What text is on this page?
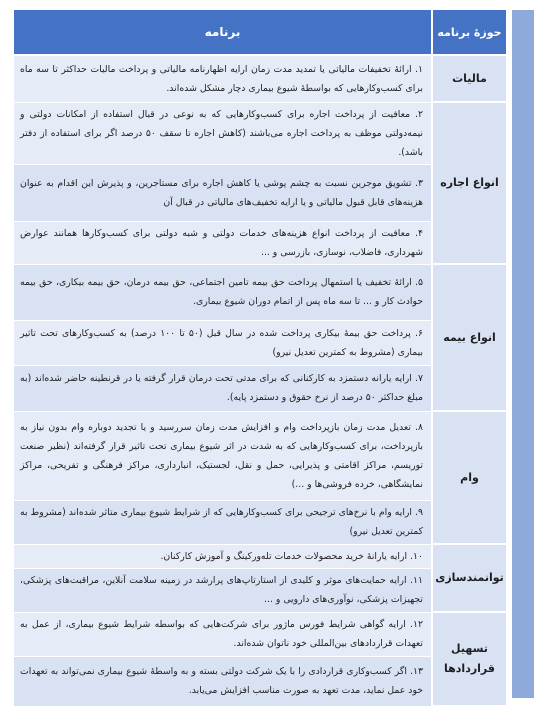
حوزۀ برنامه	برنامه
مالیات	۱. ارائۀ تخفیفات مالیاتی یا تمدید مدت زمان ارایه اظهارنامه مالیاتی و پرداخت مالیات حداکثر تا سه ماه برای کسب‌وکارهایی که بواسطهٔ شیوع بیماری دچار مشکل شده‌اند.
انواع اجاره	۲. معافیت از پرداخت اجاره برای کسب‌وکارهایی که به نوعی در قبال استفاده از امکانات دولتی و نیمه‌دولتی موظف به پرداخت اجاره می‌باشند (کاهش اجاره تا سقف ۵۰ درصد اگر برای استفاده از دفتر باشد).
	۳. تشویق موجرین نسبت به چشم پوشی یا کاهش اجاره برای مستاجرین، و پذیرش این اقدام به عنوان هزینه‌های قابل قبول مالیاتی و یا ارایه تخفیف‌های مالیاتی در قبال آن
	۴. معافیت از پرداخت انواع هزینه‌های خدمات دولتی و شبه دولتی برای کسب‌وکارها همانند عوارض شهرداری، فاضلاب، نوسازی، بازرسی و ...
انواع بیمه	۵. ارائۀ تخفیف یا استمهال پرداخت حق بیمه تامین اجتماعی، حق بیمه درمان، حق بیمه بیکاری، حق بیمه حوادث کار و ... تا سه ماه پس از اتمام دوران شیوع بیماری.
	۶. پرداخت حق بیمۀ بیکاری پرداخت شده در سال قبل (۵۰ تا ۱۰۰ درصد) به کسب‌وکارهای تحت تاثیر بیماری (مشروط به کمترین تعدیل نیرو)
	۷. ارایه یارانه دستمزد به کارکنانی که برای مدتی تحت درمان قرار گرفته یا در قرنطینه حاضر شده‌اند (به مبلغ حداکثر ۵۰ درصد از نرخ حقوق و دستمزد پایه).
وام	۸. تعدیل مدت زمان بازپرداخت وام و افزایش مدت زمان سررسید و یا تجدید دوباره وام بدون نیاز به بازپرداخت، برای کسب‌وکارهایی که به شدت در اثر شیوع بیماری تحت تاثیر قرار گرفته‌اند (نظیر صنعت توریسم، مراکز اقامتی و پذیرایی، حمل و نقل، لجستیک، انبارداری، مراکز فرهنگی و تفریحی، مراکز نمایشگاهی، خرده فروشی‌ها و ...)
	۹. ارایه وام با نرخ‌های ترجیحی برای کسب‌وکارهایی که از شرایط شیوع بیماری متاثر شده‌اند (مشروط به کمترین تعدیل نیرو)
توانمندسازی	۱۰. ارایه یارانۀ خرید محصولات خدمات تله‌ورکینگ و آموزش کارکنان.
	۱۱. ارایه حمایت‌های موثر و کلیدی از استارتاپ‌های پرارشد در زمینه سلامت آنلاین، مراقبت‌های پزشکی، تجهیزات پزشکی، نوآوری‌های دارویی و ...
تسهیل قراردادها	۱۲. ارایه گواهی شرایط فورس ماژور برای شرکت‌هایی که بواسطه شرایط شیوع بیماری، از عمل به تعهدات قراردادهای بین‌المللی خود ناتوان شده‌اند.
	۱۳. اگر کسب‌وکاری قراردادی را با یک شرکت دولتی بسته و به واسطۀ شیوع بیماری نمی‌تواند به تعهدات خود عمل نماید، مدت تعهد به صورت مناسب افزایش می‌یابد.
